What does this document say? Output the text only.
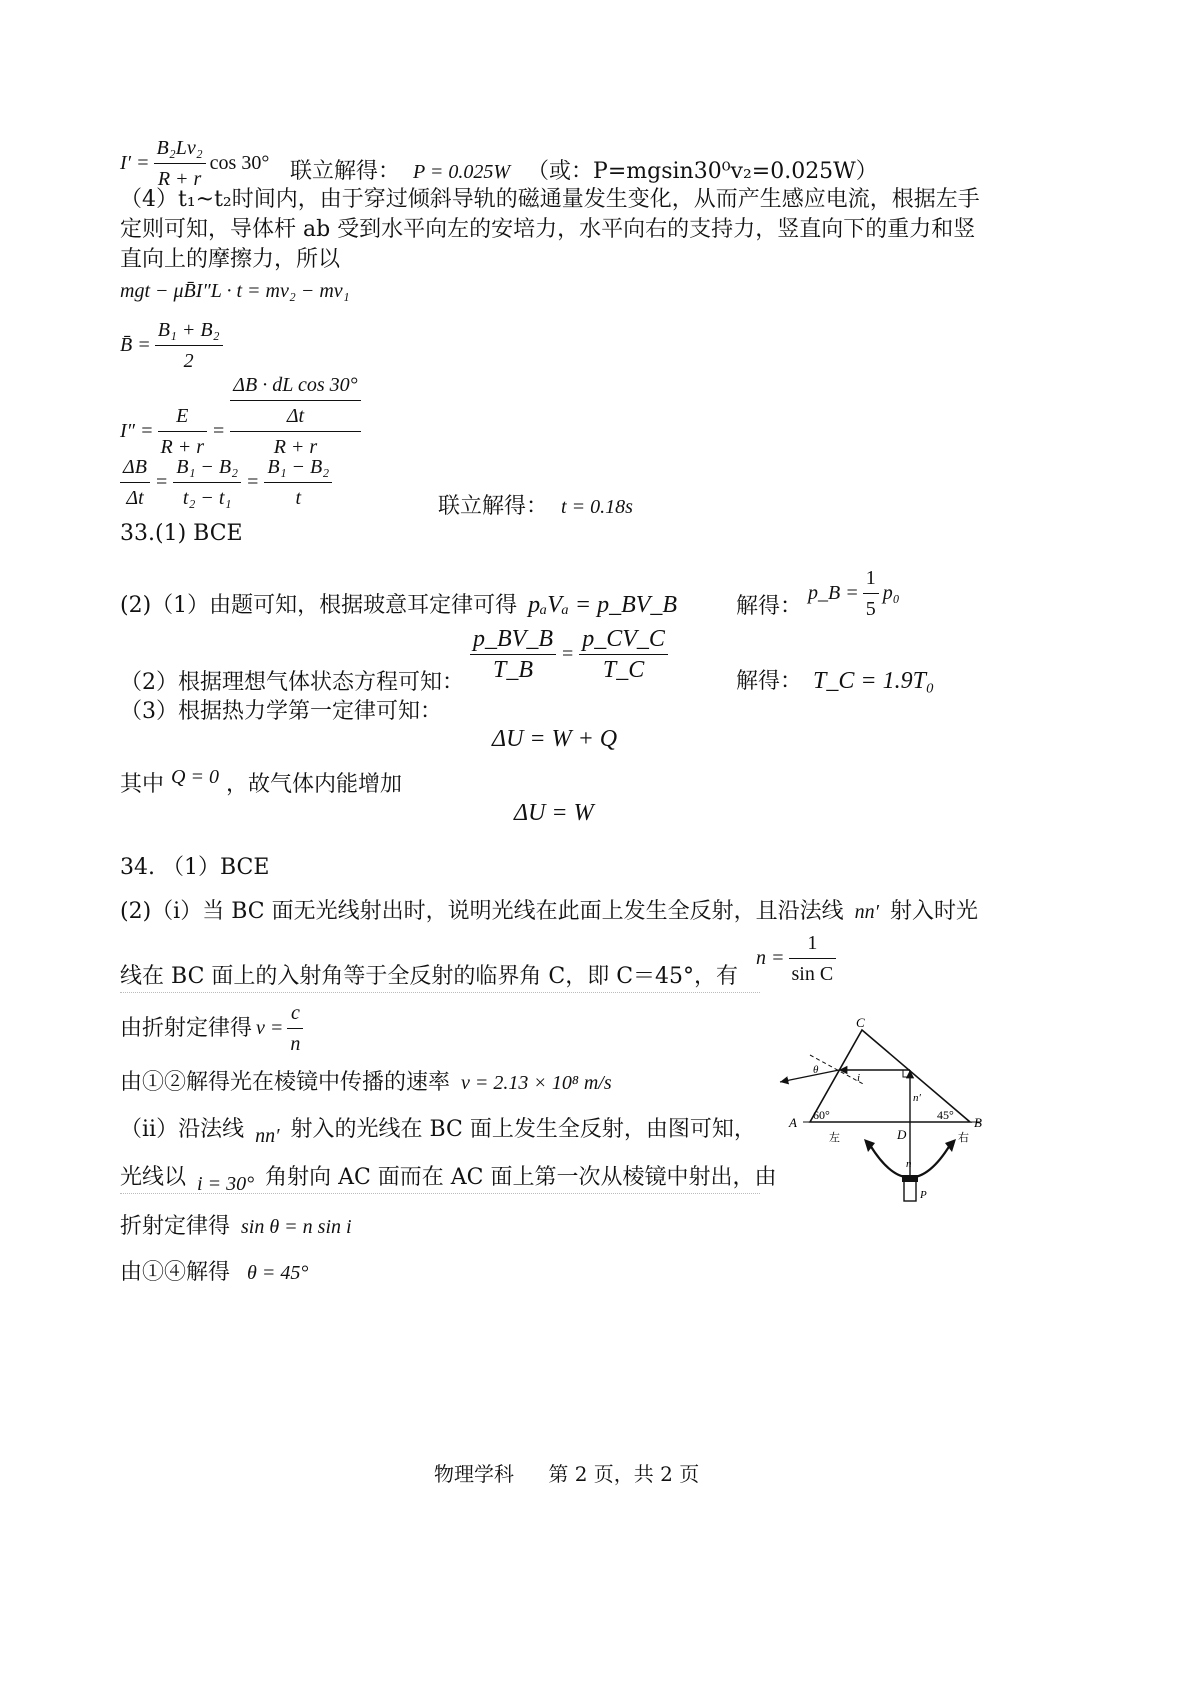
$I' = \frac{\text{B₂Lv₂}}{R + r}$ cos 30° 联立解得： P = 0.025W （或：P=mgsin30⁰v₂=0.025W）
（4）t₁~t₂时间内，由于穿过倾斜导轨的磁通量发生变化，从而产生感应电流，根据左手
定则可知，导体杆 ab 受到水平向左的安培力，水平向右的支持力，竖直向下的重力和竖
直向上的摩擦力，所以
mgt − μB̄I″L · t = mv₂ − mv₁
B̄ = $\frac{\text{B₁ + B₂}}{2}$
$I'' = \frac{E}{R + r} = \frac{\frac{\text{ΔB · dL cos 30°}}{\Delta t}}{R + r}$
$\frac{\Delta B}{\Delta t} = \frac{\text{B₁ − B₂}}{\text{t₂ − t₁}} = \frac{\text{B₁ − B₂}}{t}$	联立解得： t = 0.18s
33.(1) BCE
(2)（1）由题可知，根据玻意耳定律可得 pₐVₐ = p_BV_B	解得：
p_B = $\frac{1}{5} p_0$
$\frac{p\_BV\_B}{T\_B} = \frac{p\_CV\_C}{T\_C}$
（2）根据理想气体状态方程可知：	解得： T_C = 1.9T₀
（3）根据热力学第一定律可知：
ΔU = W + Q
其中 Q = 0 ，故气体内能增加
ΔU = W
34. （1）BCE
(2)（ⅰ）当 BC 面无光线射出时，说明光线在此面上发生全反射，且沿法线 nn′ 射入时光
线在 BC 面上的入射角等于全反射的临界角 C，即 C＝45°，有
$n = \frac{1}{\text{sin C}}$
由折射定律得 $v = \frac{c}{n}$
由①②解得光在棱镜中传播的速率 v = 2.13 × 10⁸ m/s
（ⅱ）沿法线 nn′ 射入的光线在 BC 面上发生全反射，由图可知，
光线以 i = 30° 角射向 AC 面而在 AC 面上第一次从棱镜中射出，由
折射定律得 sin θ = n sin i
由①④解得 θ = 45°
C
A	B
D
P
n
n′
60°	45°
θ
i
左	右
物理学科 第 2 页，共 2 页
